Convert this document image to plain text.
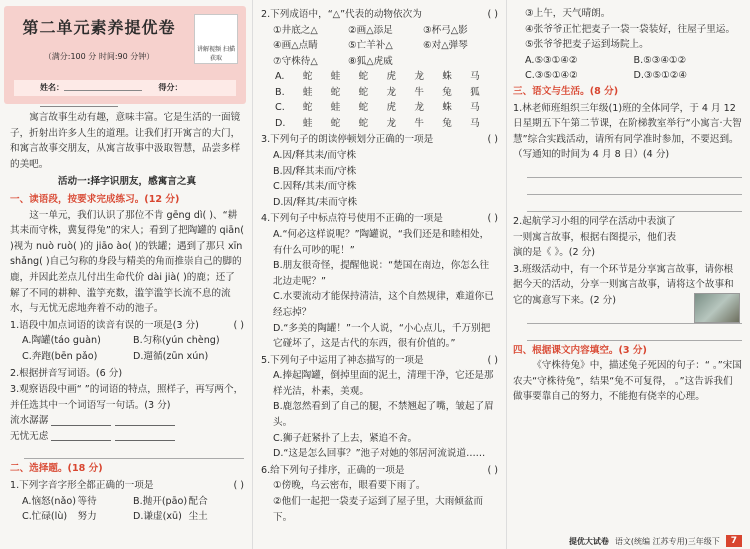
第二单元素养提优卷
（满分:100 分 时间:90 分钟）
讲解视频 扫描获取
姓名：	得分：

寓言故事生动有趣，意味丰富。它是生活的一面镜子，折射出许多人生的道理。让我们打开寓言的大门，和寓言故事交朋友，从寓言故事中汲取智慧，品尝多样的美吧。

活动一:择字识朋友，感寓言之真
一、读语段，按要求完成练习。(12 分)

这一单元，我们认识了那位不肯 gēng dì( )、“耕其耒而守株，冀复得兔”的宋人；看到了把陶罐的 qiān( )视为 nuò ruò( )的 jiāo ào( )的铁罐；遇到了那只 xīn shǎng( )自己匀称的身段与精美的角而推崇自己的脚的鹿，并因此差点儿付出生命代价 dài jià( )的鹿；还了解了不同的耕种、滥竽充数，滥竽滥竽长流不息的流水，与无忧无虑地奔着不动的池子。

1.语段中加点词语的读音有误的一项是(3 分)	( )
A.陶罐(táo guàn)	B.匀称(yún chèng)
C.奔跑(bēn pǎo)	D.遛循(zūn xún)
2.根据拼音写词语。(6 分)
3.观察语段中画“ ”的词语的特点，照样子，再写两个，并任选其中一个词语写一句话。(3 分)
流水潺潺
无忧无虑
二、选择题。(18 分)
1.下列字音字形全都正确的一项是	( )
A.恼怒(nǎo) 等待	B.抛开(pāo) 配合
C.忙碌(lù)	努力	D.谦虚(xū) 尘土
2.下列成语中，“△”代表的动物依次为	( )
①井底之△	②画△添足	③杯弓△影
④画△点睛	⑤亡羊补△	⑥对△弹琴
⑦守株待△	⑧狐△虎威
A.	蛇	蛙	蛇	虎	龙	蛛	马
B.	蛙	蛇	蛇	龙	牛	兔	狐
C.	蛇	蛙	蛇	虎	龙	蛛	马
D.	蛙	蛇	蛇	龙	牛	兔	马
3.下列句子的朗读停顿划分正确的一项是	( )
A.因/释其耒/而守株
B.因/释其耒而/守株
C.因释/其耒/而守株
D.因/释其/耒而守株
4.下列句子中标点符号使用不正确的一项是	( )
A.“何必这样说呢？”陶罐说，“我们还是和睦相处，有什么可吵的呢！”
B.朋友很奇怪，提醒他说：“楚国在南边，你怎么往北边走呢？”
C.水要流动才能保持清洁，这个自然规律，难道你已经忘掉？
D.“多美的陶罐！”一个人说，“小心点儿，千万别把它碰坏了，这是古代的东西，很有价值的。”
5.下列句子中运用了神态描写的一项是	( )
A.捧起陶罐，倒掉里面的泥土，清理干净，它还是那样光洁，朴素，美观。
B.鹿忽然看到了自己的腿，不禁翘起了嘴，皱起了眉头。
C.狮子赶紧扑了上去，紧追不舍。
D.“这是怎么回事？”池子对她的邻居河流说道……
6.给下列句子排序，正确的一项是	( )
①傍晚，乌云密布，眼看要下雨了。
②他们一起把一袋麦子运到了屋子里，大雨倾盆而下。
③上午，天气晴朗。
④张爷爷正忙把麦子一袋一袋装好，往屋子里运。
⑤张爷爷把麦子运到场院上。
A.⑤③①④②	B.⑤③④①②
C.③⑤①④②	D.③⑤①②④
三、语文与生活。(8 分)
1.林老师班组织三年级(1)班的全体同学，于 4 月 12 日星期五下午第二节课，在阶梯教室举行“小寓言·大智慧”综合实践活动，请所有同学准时参加，不要迟到。（写通知的时间为 4 月 8 日）(4 分)
2.起航学习小组的同学在活动中表演了一则寓言故事，根据右图提示，他们表演的是《 》。(2 分)
3.班级活动中，有一个环节是分享寓言故事，请你根据今天的活动，分享一则寓言故事，请将这个故事和它的寓意写下来。(2 分)
四、根据课文内容填空。(3 分)

《守株待兔》中，描述兔子死因的句子：“ 。”宋国农夫“守株待兔”，结果“兔不可复得， 。”这告诉我们做事要靠自己的努力，不能抱有侥幸的心理。

提优大试卷 语文(统编 江苏专用)三年级下	7
